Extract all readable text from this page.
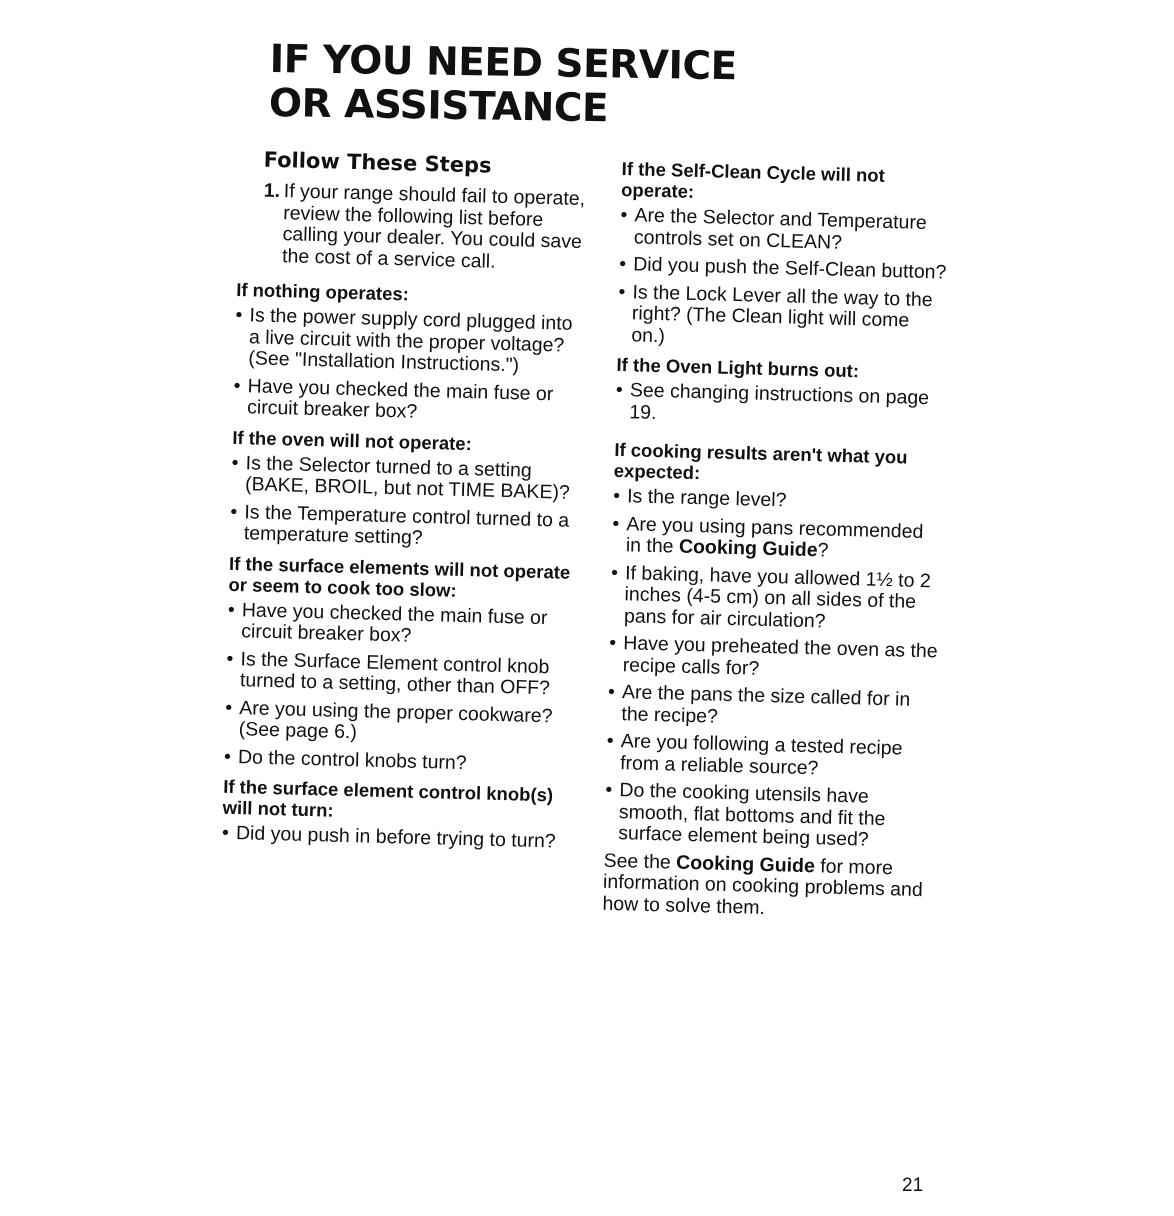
IF YOU NEED SERVICE
OR ASSISTANCE
Follow These Steps
1. If your range should fail to operate, review the following list before calling your dealer. You could save the cost of a service call.
If nothing operates:
• Is the power supply cord plugged into a live circuit with the proper voltage? (See "Installation Instructions.")
• Have you checked the main fuse or circuit breaker box?
If the oven will not operate:
• Is the Selector turned to a setting (BAKE, BROIL, but not TIME BAKE)?
• Is the Temperature control turned to a temperature setting?
If the surface elements will not operate or seem to cook too slow:
• Have you checked the main fuse or circuit breaker box?
• Is the Surface Element control knob turned to a setting, other than OFF?
• Are you using the proper cookware? (See page 6.)
• Do the control knobs turn?
If the surface element control knob(s) will not turn:
• Did you push in before trying to turn?
If the Self-Clean Cycle will not operate:
• Are the Selector and Temperature controls set on CLEAN?
• Did you push the Self-Clean button?
• Is the Lock Lever all the way to the right? (The Clean light will come on.)
If the Oven Light burns out:
• See changing instructions on page 19.
If cooking results aren't what you expected:
• Is the range level?
• Are you using pans recommended in the Cooking Guide?
• If baking, have you allowed 1½ to 2 inches (4-5 cm) on all sides of the pans for air circulation?
• Have you preheated the oven as the recipe calls for?
• Are the pans the size called for in the recipe?
• Are you following a tested recipe from a reliable source?
• Do the cooking utensils have smooth, flat bottoms and fit the surface element being used?

See the Cooking Guide for more information on cooking problems and how to solve them.

21
